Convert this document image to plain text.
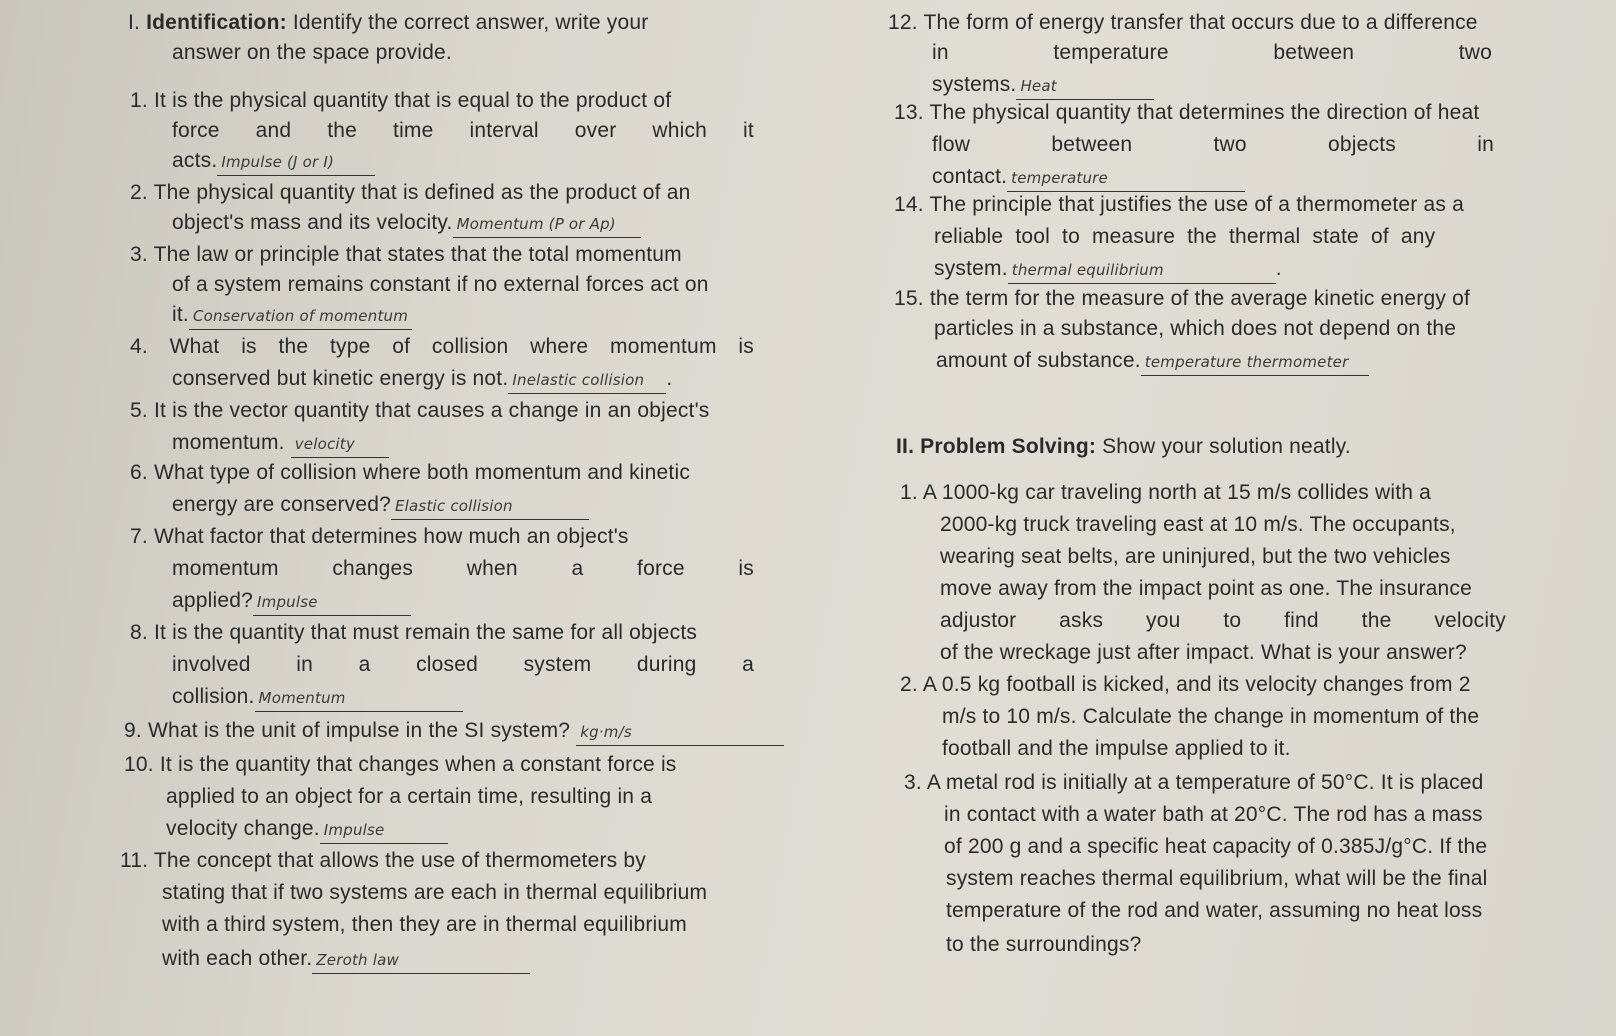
I. Identification: Identify the correct answer, write your
answer on the space provide.
1. It is the physical quantity that is equal to the product of
force and the time interval over which it
acts. Impulse (J or I)
2. The physical quantity that is defined as the product of an
object's mass and its velocity. Momentum (P or Ap)
3. The law or principle that states that the total momentum
of a system remains constant if no external forces act on
it. Conservation of momentum
4. What is the type of collision where momentum is
conserved but kinetic energy is not. Inelastic collision .
5. It is the vector quantity that causes a change in an object's
momentum. velocity
6. What type of collision where both momentum and kinetic
energy are conserved? Elastic collision
7. What factor that determines how much an object's
momentum	changes	when	a	force	is
applied? Impulse
8. It is the quantity that must remain the same for all objects
involved in a closed system during a
collision. Momentum
9. What is the unit of impulse in the SI system? kg·m/s
10. It is the quantity that changes when a constant force is
applied to an object for a certain time, resulting in a
velocity change. Impulse
11. The concept that allows the use of thermometers by
stating that if two systems are each in thermal equilibrium
with a third system, then they are in thermal equilibrium
with each other. Zeroth law
12. The form of energy transfer that occurs due to a difference
in	temperature	between	two
systems. Heat
13. The physical quantity that determines the direction of heat
flow	between	two	objects	in
contact. temperature
14. The principle that justifies the use of a thermometer as a
reliable tool to measure the thermal state of any
system. thermal equilibrium	.
15. the term for the measure of the average kinetic energy of
particles in a substance, which does not depend on the
amount of substance. temperature thermometer
II. Problem Solving: Show your solution neatly.
1. A 1000-kg car traveling north at 15 m/s collides with a
2000-kg truck traveling east at 10 m/s. The occupants,
wearing seat belts, are uninjured, but the two vehicles
move away from the impact point as one. The insurance
adjustor asks you to find the velocity
of the wreckage just after impact. What is your answer?
2. A 0.5 kg football is kicked, and its velocity changes from 2
m/s to 10 m/s. Calculate the change in momentum of the
football and the impulse applied to it.
3. A metal rod is initially at a temperature of 50°C. It is placed
in contact with a water bath at 20°C. The rod has a mass
of 200 g and a specific heat capacity of 0.385J/g°C. If the
system reaches thermal equilibrium, what will be the final
temperature of the rod and water, assuming no heat loss
to the surroundings?
